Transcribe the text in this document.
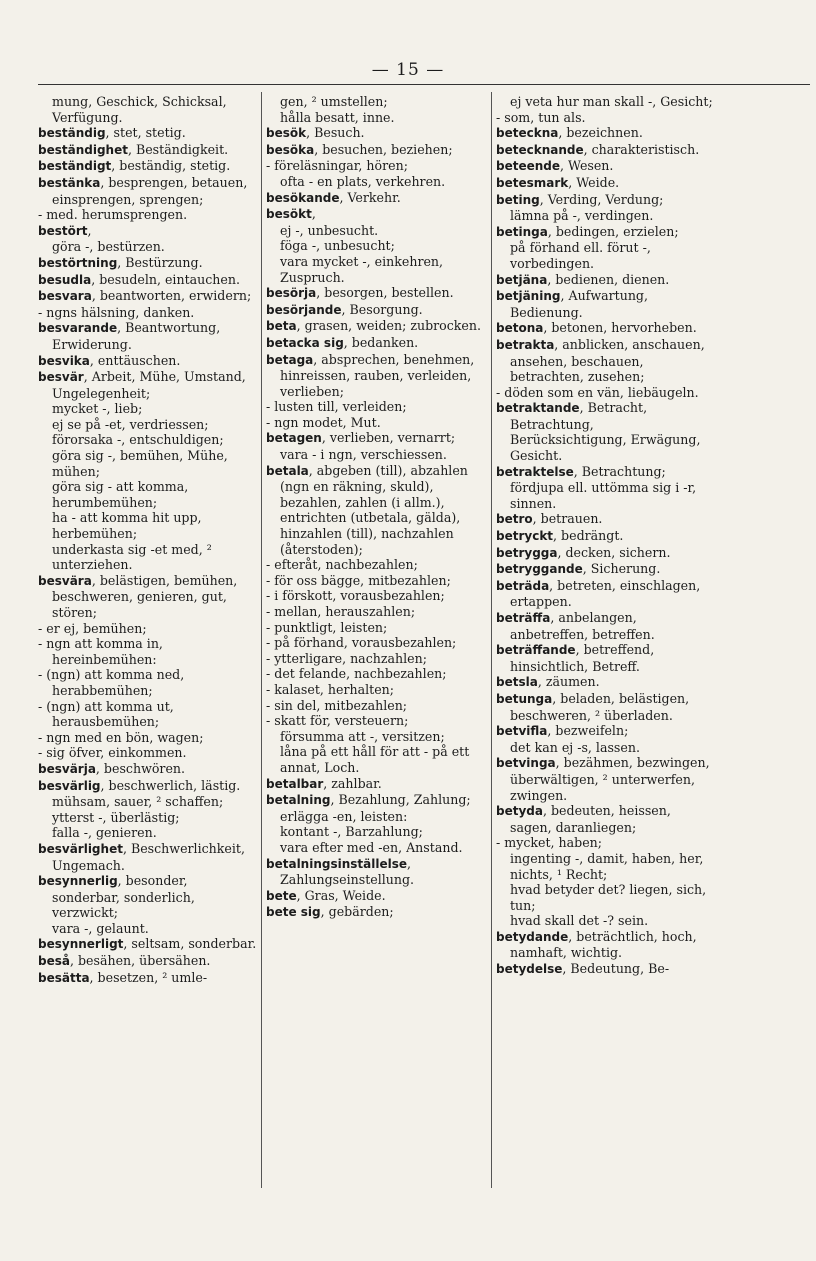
— 15 —

mung, Geschick, Schicksal, Verfügung.

beständig, stet, stetig.

beständighet, Beständigkeit.

beständigt, beständig, stetig.

bestänka, besprengen, betauen, einsprengen, sprengen;

- med. herumsprengen.

bestört,

göra -, bestürzen.

bestörtning, Bestürzung.

besudla, besudeln, eintauchen.

besvara, beantworten, erwidern;

- ngns hälsning, danken.

besvarande, Beantwortung, Erwiderung.

besvika, enttäuschen.

besvär, Arbeit, Mühe, Umstand, Ungelegenheit;

mycket -, lieb;

ej se på -et, verdriessen;

förorsaka -, entschuldigen;

göra sig -, bemühen, Mühe, mühen;

göra sig - att komma, herumbemühen;

ha - att komma hit upp, herbemühen;

underkasta sig -et med, ² unterziehen.

besvära, belästigen, bemühen, beschweren, genieren, gut, stören;

- er ej, bemühen;

- ngn att komma in, hereinbemühen:

- (ngn) att komma ned, herabbemühen;

- (ngn) att komma ut, herausbemühen;

- ngn med en bön, wagen;

- sig öfver, einkommen.

besvärja, beschwören.

besvärlig, beschwerlich, lästig. mühsam, sauer, ² schaffen;

ytterst -, überlästig;

falla -, genieren.

besvärlighet, Beschwerlichkeit, Ungemach.

besynnerlig, besonder, sonderbar, sonderlich, verzwickt;

vara -, gelaunt.

besynnerligt, seltsam, sonderbar.

beså, besähen, übersähen.

besätta, besetzen, ² umle-

gen, ² umstellen;

hålla besatt, inne.

besök, Besuch.

besöka, besuchen, beziehen;

- föreläsningar, hören;

ofta - en plats, verkehren.

besökande, Verkehr.

besökt,

ej -, unbesucht.

föga -, unbesucht;

vara mycket -, einkehren, Zuspruch.

besörja, besorgen, bestellen.

besörjande, Besorgung.

beta, grasen, weiden; zubrocken.

betacka sig, bedanken.

betaga, absprechen, benehmen, hinreissen, rauben, verleiden, verlieben;

- lusten till, verleiden;

- ngn modet, Mut.

betagen, verlieben, vernarrt;

vara - i ngn, verschiessen.

betala, abgeben (till), abzahlen (ngn en räkning, skuld), bezahlen, zahlen (i allm.), entrichten (utbetala, gälda), hinzahlen (till), nachzahlen (återstoden);

- efteråt, nachbezahlen;

- för oss bägge, mitbezahlen;

- i förskott, vorausbezahlen;

- mellan, herauszahlen;

- punktligt, leisten;

- på förhand, vorausbezahlen;

- ytterligare, nachzahlen;

- det felande, nachbezahlen;

- kalaset, herhalten;

- sin del, mitbezahlen;

- skatt för, versteuern;

försumma att -, versitzen;

låna på ett håll för att - på ett annat, Loch.

betalbar, zahlbar.

betalning, Bezahlung, Zahlung;

erlägga -en, leisten:

kontant -, Barzahlung;

vara efter med -en, Anstand.

betalningsinställelse, Zahlungseinstellung.

bete, Gras, Weide.

bete sig, gebärden;

ej veta hur man skall -, Gesicht;

- som, tun als.

beteckna, bezeichnen.

betecknande, charakteristisch.

beteende, Wesen.

betesmark, Weide.

beting, Verding, Verdung;

lämna på -, verdingen.

betinga, bedingen, erzielen;

på förhand ell. förut -, vorbedingen.

betjäna, bedienen, dienen.

betjäning, Aufwartung, Bedienung.

betona, betonen, hervorheben.

betrakta, anblicken, anschauen, ansehen, beschauen, betrachten, zusehen;

- döden som en vän, liebäugeln.

betraktande, Betracht, Betrachtung, Berücksichtigung, Erwägung, Gesicht.

betraktelse, Betrachtung;

fördjupa ell. uttömma sig i -r, sinnen.

betro, betrauen.

betryckt, bedrängt.

betrygga, decken, sichern.

betryggande, Sicherung.

beträda, betreten, einschlagen, ertappen.

beträffa, anbelangen, anbetreffen, betreffen.

beträffande, betreffend, hinsichtlich, Betreff.

betsla, zäumen.

betunga, beladen, belästigen, beschweren, ² überladen.

betvifla, bezweifeln;

det kan ej -s, lassen.

betvinga, bezähmen, bezwingen, überwältigen, ² unterwerfen, zwingen.

betyda, bedeuten, heissen, sagen, daranliegen;

- mycket, haben;

ingenting -, damit, haben, her, nichts, ¹ Recht;

hvad betyder det? liegen, sich, tun;

hvad skall det -? sein.

betydande, beträchtlich, hoch, namhaft, wichtig.

betydelse, Bedeutung, Be-
